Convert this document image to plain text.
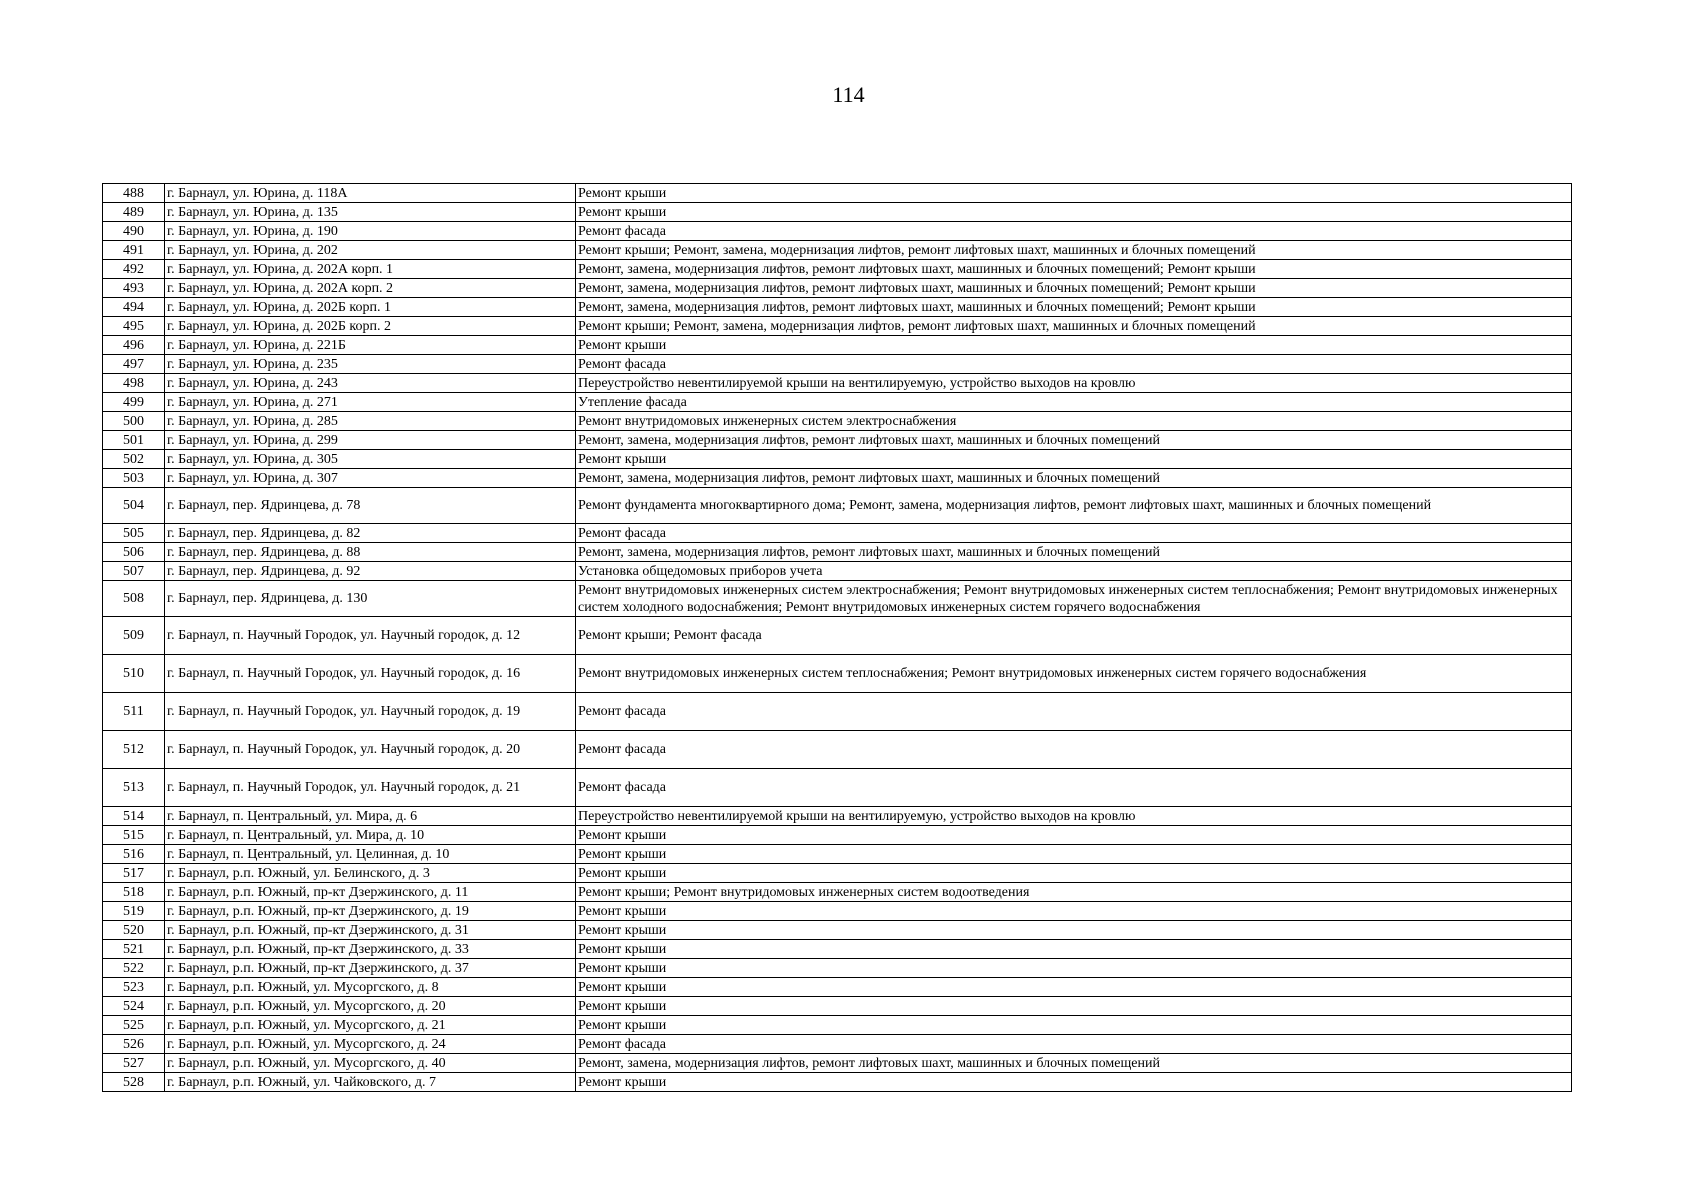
114
488	г. Барнаул, ул. Юрина, д. 118А	Ремонт крыши
489	г. Барнаул, ул. Юрина, д. 135	Ремонт крыши
490	г. Барнаул, ул. Юрина, д. 190	Ремонт фасада
491	г. Барнаул, ул. Юрина, д. 202	Ремонт крыши; Ремонт, замена, модернизация лифтов, ремонт лифтовых шахт, машинных и блочных помещений
492	г. Барнаул, ул. Юрина, д. 202А корп. 1	Ремонт, замена, модернизация лифтов, ремонт лифтовых шахт, машинных и блочных помещений; Ремонт крыши
493	г. Барнаул, ул. Юрина, д. 202А корп. 2	Ремонт, замена, модернизация лифтов, ремонт лифтовых шахт, машинных и блочных помещений; Ремонт крыши
494	г. Барнаул, ул. Юрина, д. 202Б корп. 1	Ремонт, замена, модернизация лифтов, ремонт лифтовых шахт, машинных и блочных помещений; Ремонт крыши
495	г. Барнаул, ул. Юрина, д. 202Б корп. 2	Ремонт крыши; Ремонт, замена, модернизация лифтов, ремонт лифтовых шахт, машинных и блочных помещений
496	г. Барнаул, ул. Юрина, д. 221Б	Ремонт крыши
497	г. Барнаул, ул. Юрина, д. 235	Ремонт фасада
498	г. Барнаул, ул. Юрина, д. 243	Переустройство невентилируемой крыши на вентилируемую, устройство выходов на кровлю
499	г. Барнаул, ул. Юрина, д. 271	Утепление фасада
500	г. Барнаул, ул. Юрина, д. 285	Ремонт внутридомовых инженерных систем электроснабжения
501	г. Барнаул, ул. Юрина, д. 299	Ремонт, замена, модернизация лифтов, ремонт лифтовых шахт, машинных и блочных помещений
502	г. Барнаул, ул. Юрина, д. 305	Ремонт крыши
503	г. Барнаул, ул. Юрина, д. 307	Ремонт, замена, модернизация лифтов, ремонт лифтовых шахт, машинных и блочных помещений
504	г. Барнаул, пер. Ядринцева, д. 78	Ремонт фундамента многоквартирного дома; Ремонт, замена, модернизация лифтов, ремонт лифтовых шахт, машинных и блочных помещений
505	г. Барнаул, пер. Ядринцева, д. 82	Ремонт фасада
506	г. Барнаул, пер. Ядринцева, д. 88	Ремонт, замена, модернизация лифтов, ремонт лифтовых шахт, машинных и блочных помещений
507	г. Барнаул, пер. Ядринцева, д. 92	Установка общедомовых приборов учета
508	г. Барнаул, пер. Ядринцева, д. 130	Ремонт внутридомовых инженерных систем электроснабжения; Ремонт внутридомовых инженерных систем теплоснабжения; Ремонт внутридомовых инженерных систем холодного водоснабжения; Ремонт внутридомовых инженерных систем горячего водоснабжения
509	г. Барнаул, п. Научный Городок, ул. Научный городок, д. 12	Ремонт крыши; Ремонт фасада
510	г. Барнаул, п. Научный Городок, ул. Научный городок, д. 16	Ремонт внутридомовых инженерных систем теплоснабжения; Ремонт внутридомовых инженерных систем горячего водоснабжения
511	г. Барнаул, п. Научный Городок, ул. Научный городок, д. 19	Ремонт фасада
512	г. Барнаул, п. Научный Городок, ул. Научный городок, д. 20	Ремонт фасада
513	г. Барнаул, п. Научный Городок, ул. Научный городок, д. 21	Ремонт фасада
514	г. Барнаул, п. Центральный, ул. Мира, д. 6	Переустройство невентилируемой крыши на вентилируемую, устройство выходов на кровлю
515	г. Барнаул, п. Центральный, ул. Мира, д. 10	Ремонт крыши
516	г. Барнаул, п. Центральный, ул. Целинная, д. 10	Ремонт крыши
517	г. Барнаул, р.п. Южный, ул. Белинского, д. 3	Ремонт крыши
518	г. Барнаул, р.п. Южный, пр-кт Дзержинского, д. 11	Ремонт крыши; Ремонт внутридомовых инженерных систем водоотведения
519	г. Барнаул, р.п. Южный, пр-кт Дзержинского, д. 19	Ремонт крыши
520	г. Барнаул, р.п. Южный, пр-кт Дзержинского, д. 31	Ремонт крыши
521	г. Барнаул, р.п. Южный, пр-кт Дзержинского, д. 33	Ремонт крыши
522	г. Барнаул, р.п. Южный, пр-кт Дзержинского, д. 37	Ремонт крыши
523	г. Барнаул, р.п. Южный, ул. Мусоргского, д. 8	Ремонт крыши
524	г. Барнаул, р.п. Южный, ул. Мусоргского, д. 20	Ремонт крыши
525	г. Барнаул, р.п. Южный, ул. Мусоргского, д. 21	Ремонт крыши
526	г. Барнаул, р.п. Южный, ул. Мусоргского, д. 24	Ремонт фасада
527	г. Барнаул, р.п. Южный, ул. Мусоргского, д. 40	Ремонт, замена, модернизация лифтов, ремонт лифтовых шахт, машинных и блочных помещений
528	г. Барнаул, р.п. Южный, ул. Чайковского, д. 7	Ремонт крыши
